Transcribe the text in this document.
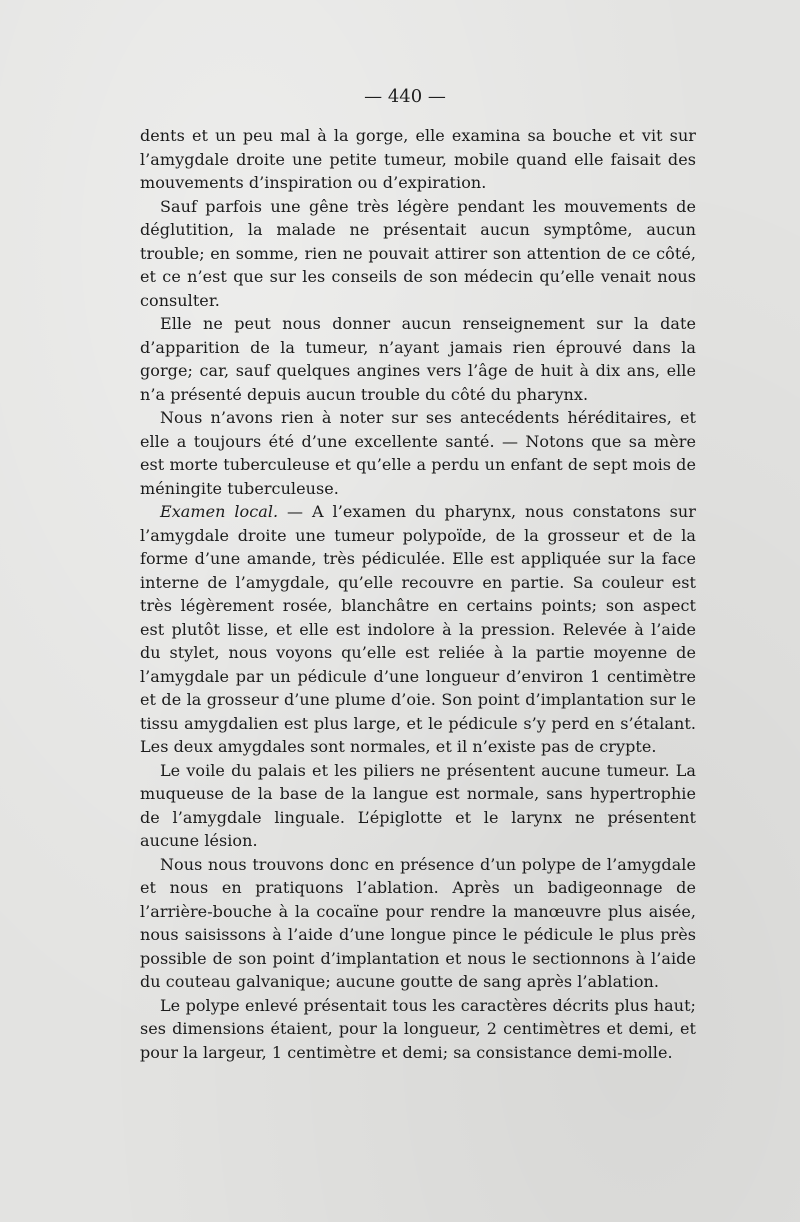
— 440 —

dents et un peu mal à la gorge, elle examina sa bouche et vit sur l’amygdale droite une petite tumeur, mobile quand elle faisait des mouvements d’inspiration ou d’expiration.

Sauf parfois une gêne très légère pendant les mouvements de déglutition, la malade ne présentait aucun symptôme, aucun trouble; en somme, rien ne pouvait attirer son attention de ce côté, et ce n’est que sur les conseils de son médecin qu’elle venait nous consulter.

Elle ne peut nous donner aucun renseignement sur la date d’apparition de la tumeur, n’ayant jamais rien éprouvé dans la gorge; car, sauf quelques angines vers l’âge de huit à dix ans, elle n’a présenté depuis aucun trouble du côté du pharynx.

Nous n’avons rien à noter sur ses antecédents héréditaires, et elle a toujours été d’une excellente santé. — Notons que sa mère est morte tuberculeuse et qu’elle a perdu un enfant de sept mois de méningite tuberculeuse.

Examen local. — A l’examen du pharynx, nous constatons sur l’amygdale droite une tumeur polypoïde, de la grosseur et de la forme d’une amande, très pédiculée. Elle est appliquée sur la face interne de l’amygdale, qu’elle recouvre en partie. Sa couleur est très légèrement rosée, blanchâtre en certains points; son aspect est plutôt lisse, et elle est indolore à la pression. Relevée à l’aide du stylet, nous voyons qu’elle est reliée à la partie moyenne de l’amygdale par un pédicule d’une longueur d’environ 1 centimètre et de la grosseur d’une plume d’oie. Son point d’implantation sur le tissu amygdalien est plus large, et le pédicule s’y perd en s’étalant. Les deux amygdales sont normales, et il n’existe pas de crypte.

Le voile du palais et les piliers ne présentent aucune tumeur. La muqueuse de la base de la langue est normale, sans hypertrophie de l’amygdale linguale. L’épiglotte et le larynx ne présentent aucune lésion.

Nous nous trouvons donc en présence d’un polype de l’amygdale et nous en pratiquons l’ablation. Après un badigeonnage de l’arrière-bouche à la cocaïne pour rendre la manœuvre plus aisée, nous saisissons à l’aide d’une longue pince le pédicule le plus près possible de son point d’implantation et nous le sectionnons à l’aide du couteau galvanique; aucune goutte de sang après l’ablation.

Le polype enlevé présentait tous les caractères décrits plus haut; ses dimensions étaient, pour la longueur, 2 centimètres et demi, et pour la largeur, 1 centimètre et demi; sa consistance demi-molle.
